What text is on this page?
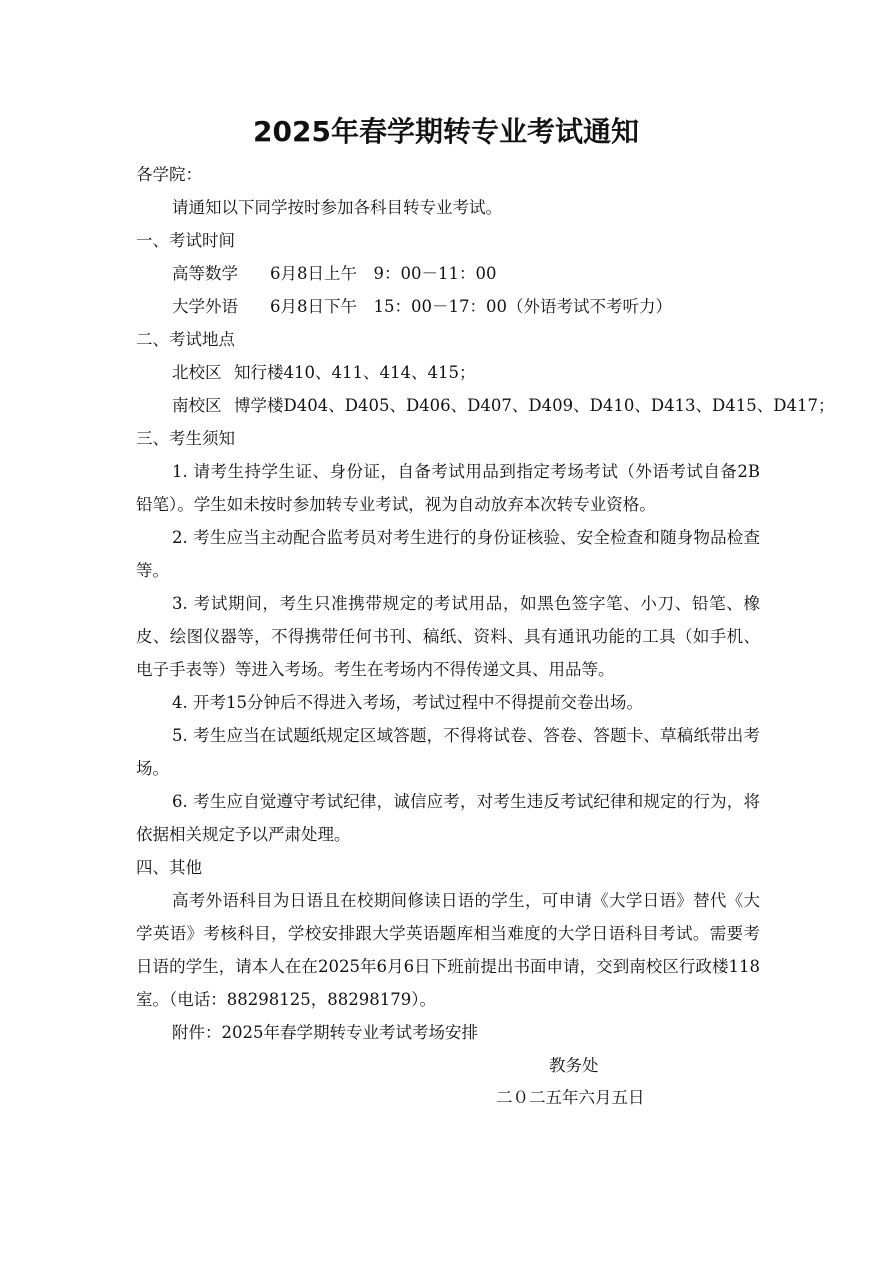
2025年春学期转专业考试通知
各学院：
请通知以下同学按时参加各科目转专业考试。
一、考试时间
高等数学 6月8日上午　9：00－11：00
大学外语 6月8日下午　15：00－17：00（外语考试不考听力）
二、考试地点
北校区 知行楼410、411、414、415；
南校区 博学楼D404、D405、D406、D407、D409、D410、D413、D415、D417；
三、考生须知
1. 请考生持学生证、身份证，自备考试用品到指定考场考试（外语考试自备2B铅笔）。学生如未按时参加转专业考试，视为自动放弃本次转专业资格。
2. 考生应当主动配合监考员对考生进行的身份证核验、安全检查和随身物品检查等。
3. 考试期间，考生只准携带规定的考试用品，如黑色签字笔、小刀、铅笔、橡皮、绘图仪器等，不得携带任何书刊、稿纸、资料、具有通讯功能的工具（如手机、电子手表等）等进入考场。考生在考场内不得传递文具、用品等。
4. 开考15分钟后不得进入考场，考试过程中不得提前交卷出场。
5. 考生应当在试题纸规定区域答题，不得将试卷、答卷、答题卡、草稿纸带出考场。
6. 考生应自觉遵守考试纪律，诚信应考，对考生违反考试纪律和规定的行为，将依据相关规定予以严肃处理。
四、其他
高考外语科目为日语且在校期间修读日语的学生，可申请《大学日语》替代《大学英语》考核科目，学校安排跟大学英语题库相当难度的大学日语科目考试。需要考日语的学生，请本人在在2025年6月6日下班前提出书面申请，交到南校区行政楼118室。（电话：88298125，88298179）。
附件：2025年春学期转专业考试考场安排
教务处
二０二五年六月五日
